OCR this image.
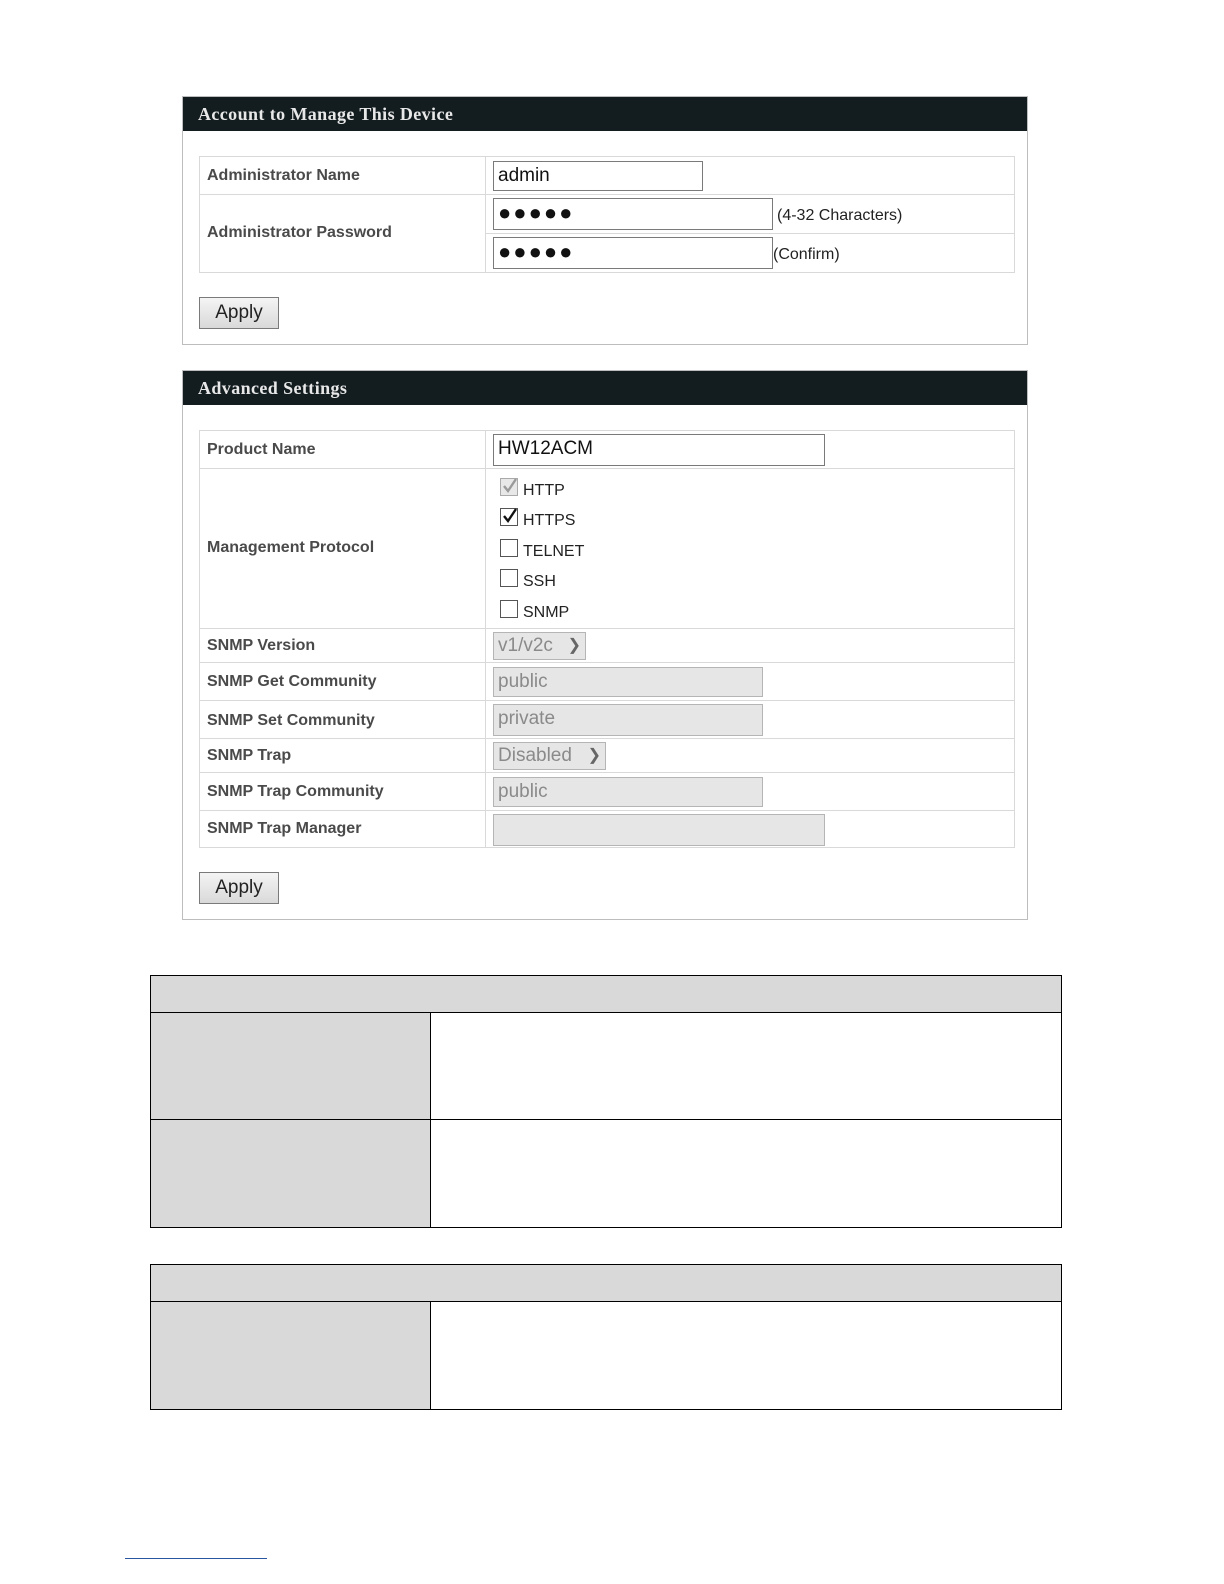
Account to Manage This Device
Administrator Name	admin
Administrator Password
●●●●●	(4-32 Characters)
●●●●●	(Confirm)
Apply
Advanced Settings
Product Name	HW12ACM
Management Protocol
HTTP
HTTPS
TELNET
SSH
SNMP
SNMP Version	v1/v2c ❯
SNMP Get Community	public
SNMP Set Community	private
SNMP Trap	Disabled ❯
SNMP Trap Community	public
SNMP Trap Manager
Apply
